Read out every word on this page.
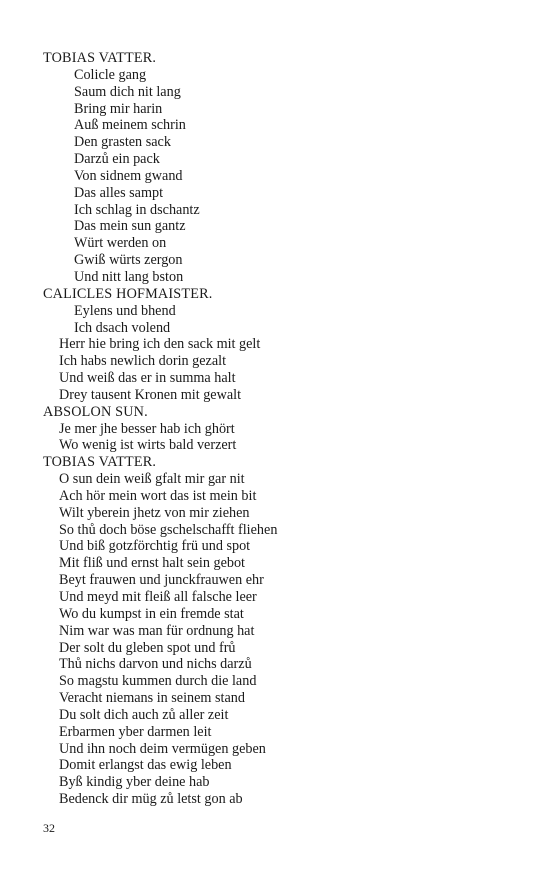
TOBIAS VATTER.
Colicle gang
Saum dich nit lang
Bring mir harin
Auß meinem schrin
Den grasten sack
Darzů ein pack
Von sidnem gwand
Das alles sampt
Ich schlag in dschantz
Das mein sun gantz
Würt werden on
Gwiß würts zergon
Und nitt lang bston
CALICLES HOFMAISTER.
Eylens und bhend
Ich dsach volend
Herr hie bring ich den sack mit gelt
Ich habs newlich dorin gezalt
Und weiß das er in summa halt
Drey tausent Kronen mit gewalt
ABSOLON SUN.
Je mer jhe besser hab ich ghört
Wo wenig ist wirts bald verzert
TOBIAS VATTER.
O sun dein weiß gfalt mir gar nit
Ach hör mein wort das ist mein bit
Wilt yberein jhetz von mir ziehen
So thů doch böse gschelschafft fliehen
Und biß gotzförchtig frü und spot
Mit fliß und ernst halt sein gebot
Beyt frauwen und junckfrauwen ehr
Und meyd mit fleiß all falsche leer
Wo du kumpst in ein fremde stat
Nim war was man für ordnung hat
Der solt du gleben spot und frů
Thů nichs darvon und nichs darzů
So magstu kummen durch die land
Veracht niemans in seinem stand
Du solt dich auch zů aller zeit
Erbarmen yber darmen leit
Und ihn noch deim vermügen geben
Domit erlangst das ewig leben
Byß kindig yber deine hab
Bedenck dir müg zů letst gon ab
32
